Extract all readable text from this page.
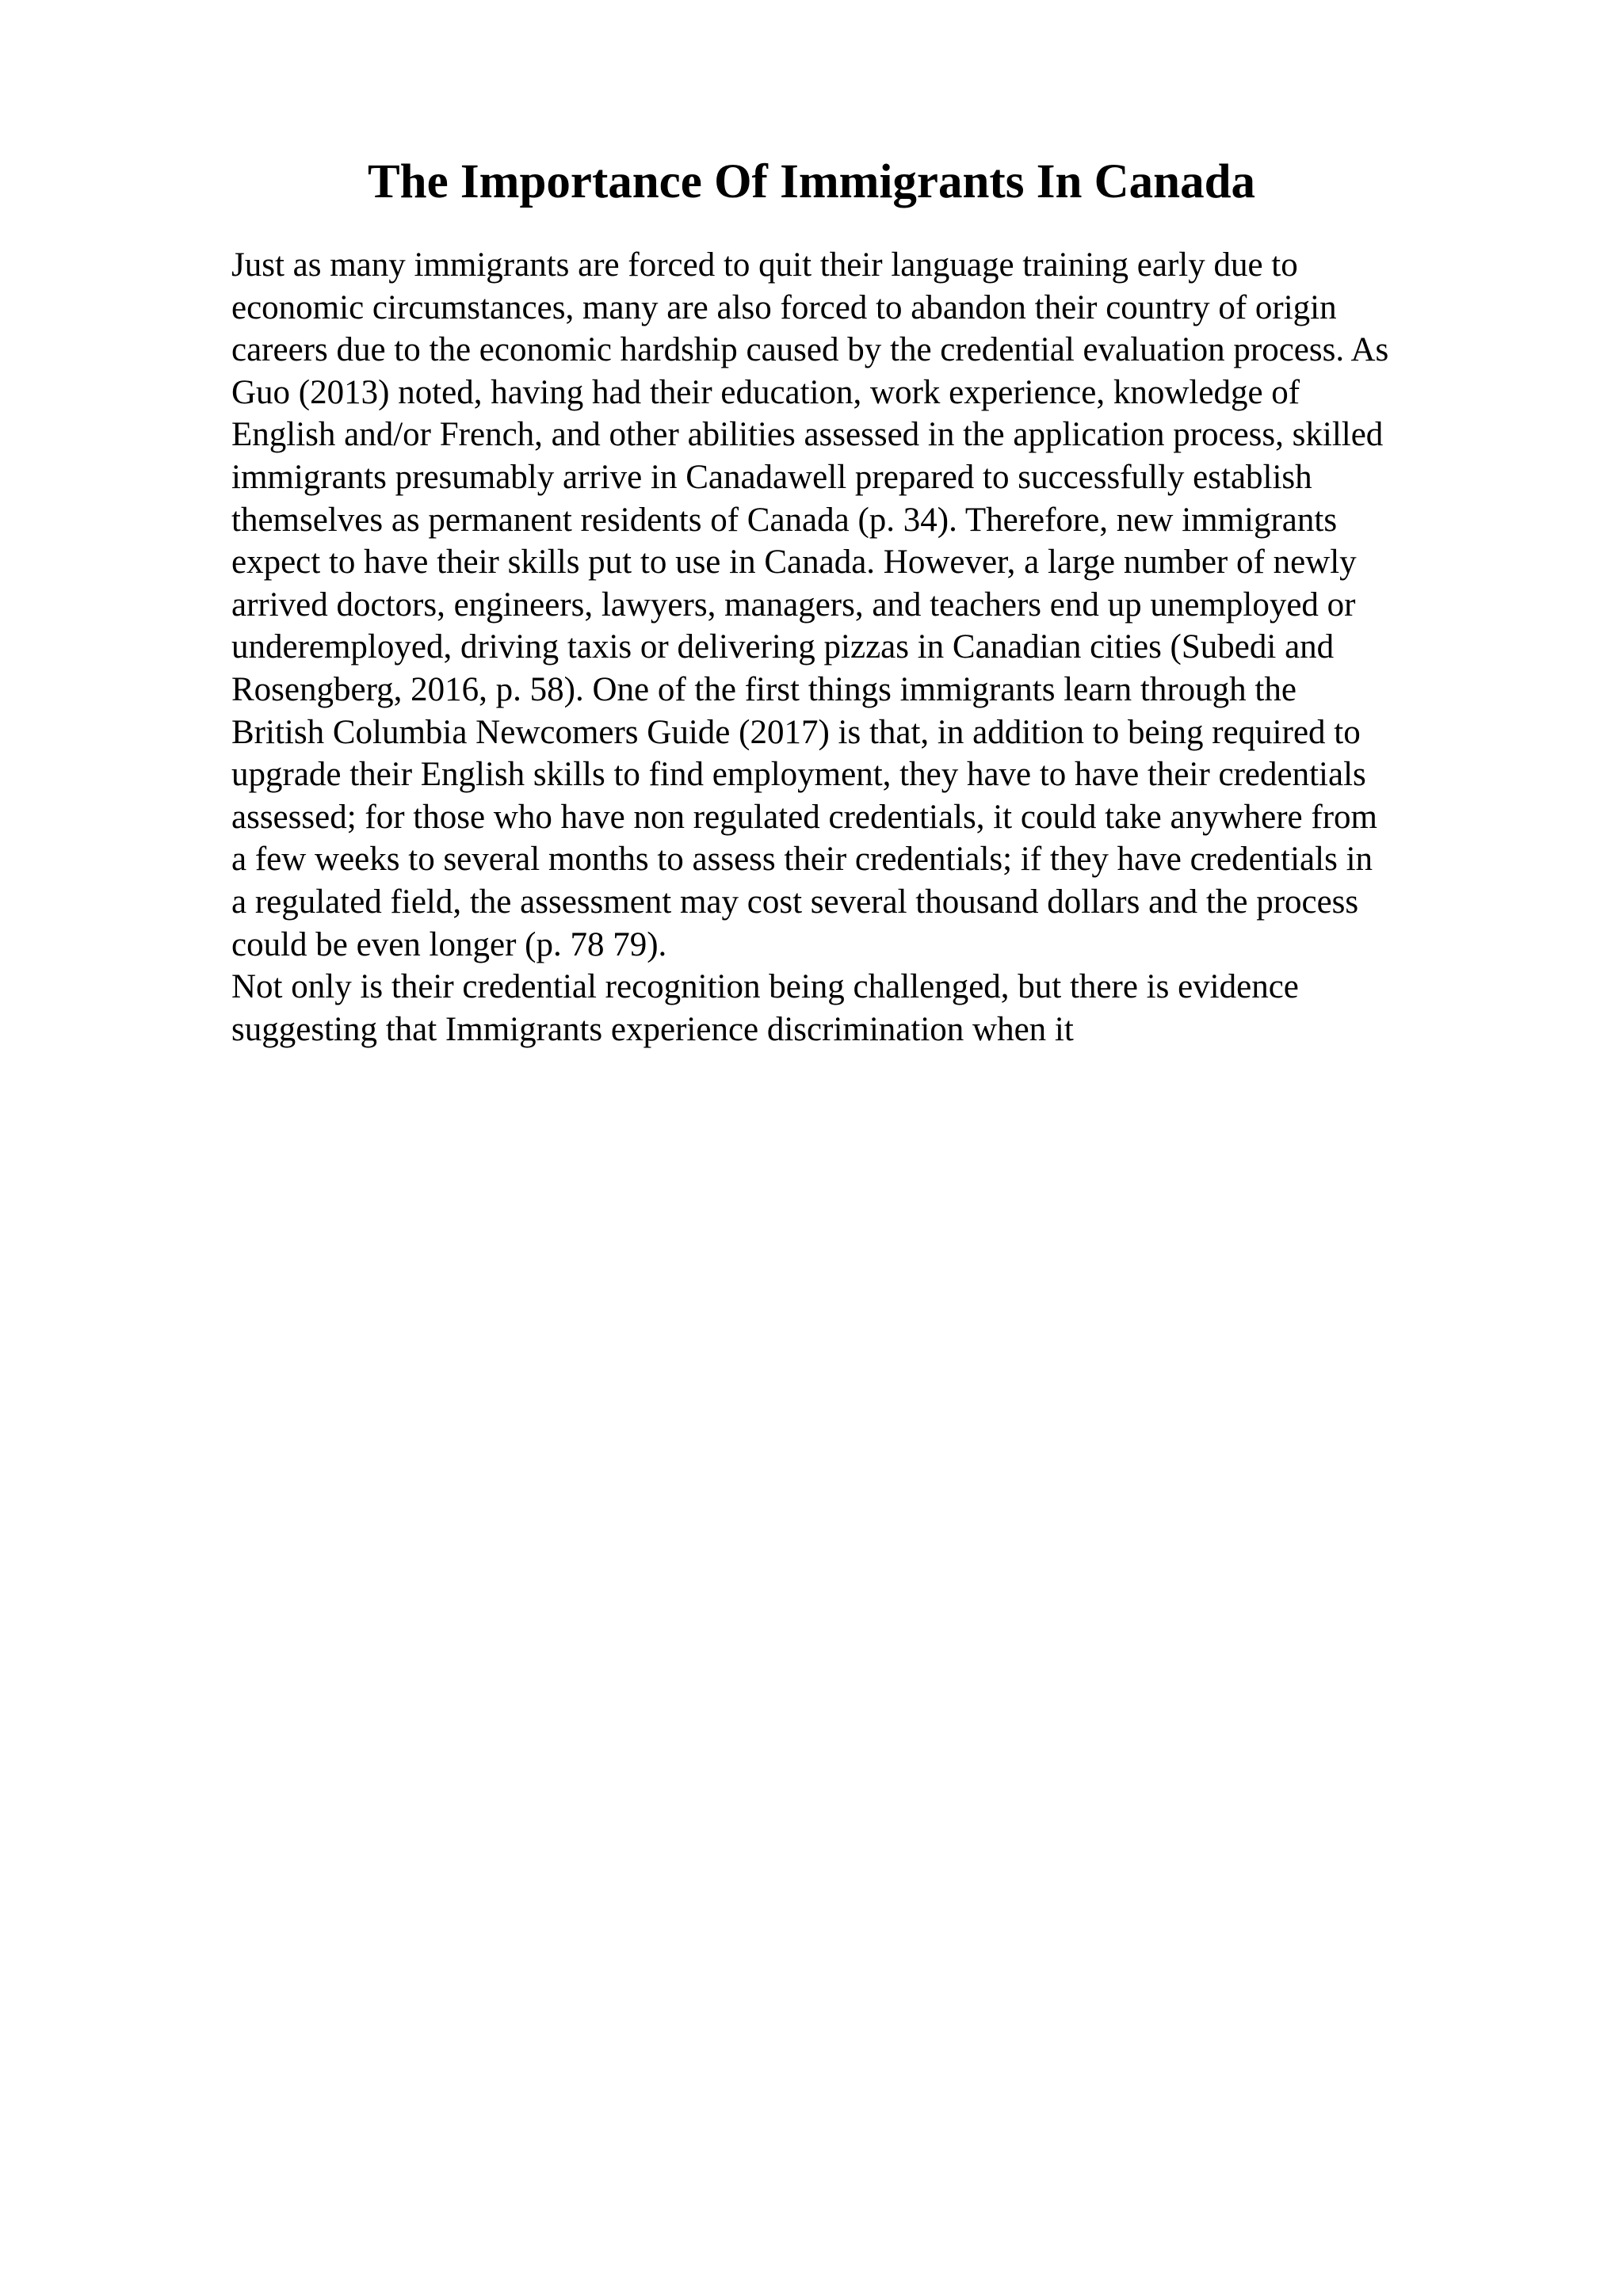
The Importance Of Immigrants In Canada
Just as many immigrants are forced to quit their language training early due to
economic circumstances, many are also forced to abandon their country of origin
careers due to the economic hardship caused by the credential evaluation process. As
Guo (2013) noted, having had their education, work experience, knowledge of
English and/or French, and other abilities assessed in the application process, skilled
immigrants presumably arrive in Canadawell prepared to successfully establish
themselves as permanent residents of Canada (p. 34). Therefore, new immigrants
expect to have their skills put to use in Canada. However, a large number of newly
arrived doctors, engineers, lawyers, managers, and teachers end up unemployed or
underemployed, driving taxis or delivering pizzas in Canadian cities (Subedi and
Rosengberg, 2016, p. 58). One of the first things immigrants learn through the
British Columbia Newcomers Guide (2017) is that, in addition to being required to
upgrade their English skills to find employment, they have to have their credentials
assessed; for those who have non regulated credentials, it could take anywhere from
a few weeks to several months to assess their credentials; if they have credentials in
a regulated field, the assessment may cost several thousand dollars and the process
could be even longer (p. 78 79).
Not only is their credential recognition being challenged, but there is evidence
suggesting that Immigrants experience discrimination when it
